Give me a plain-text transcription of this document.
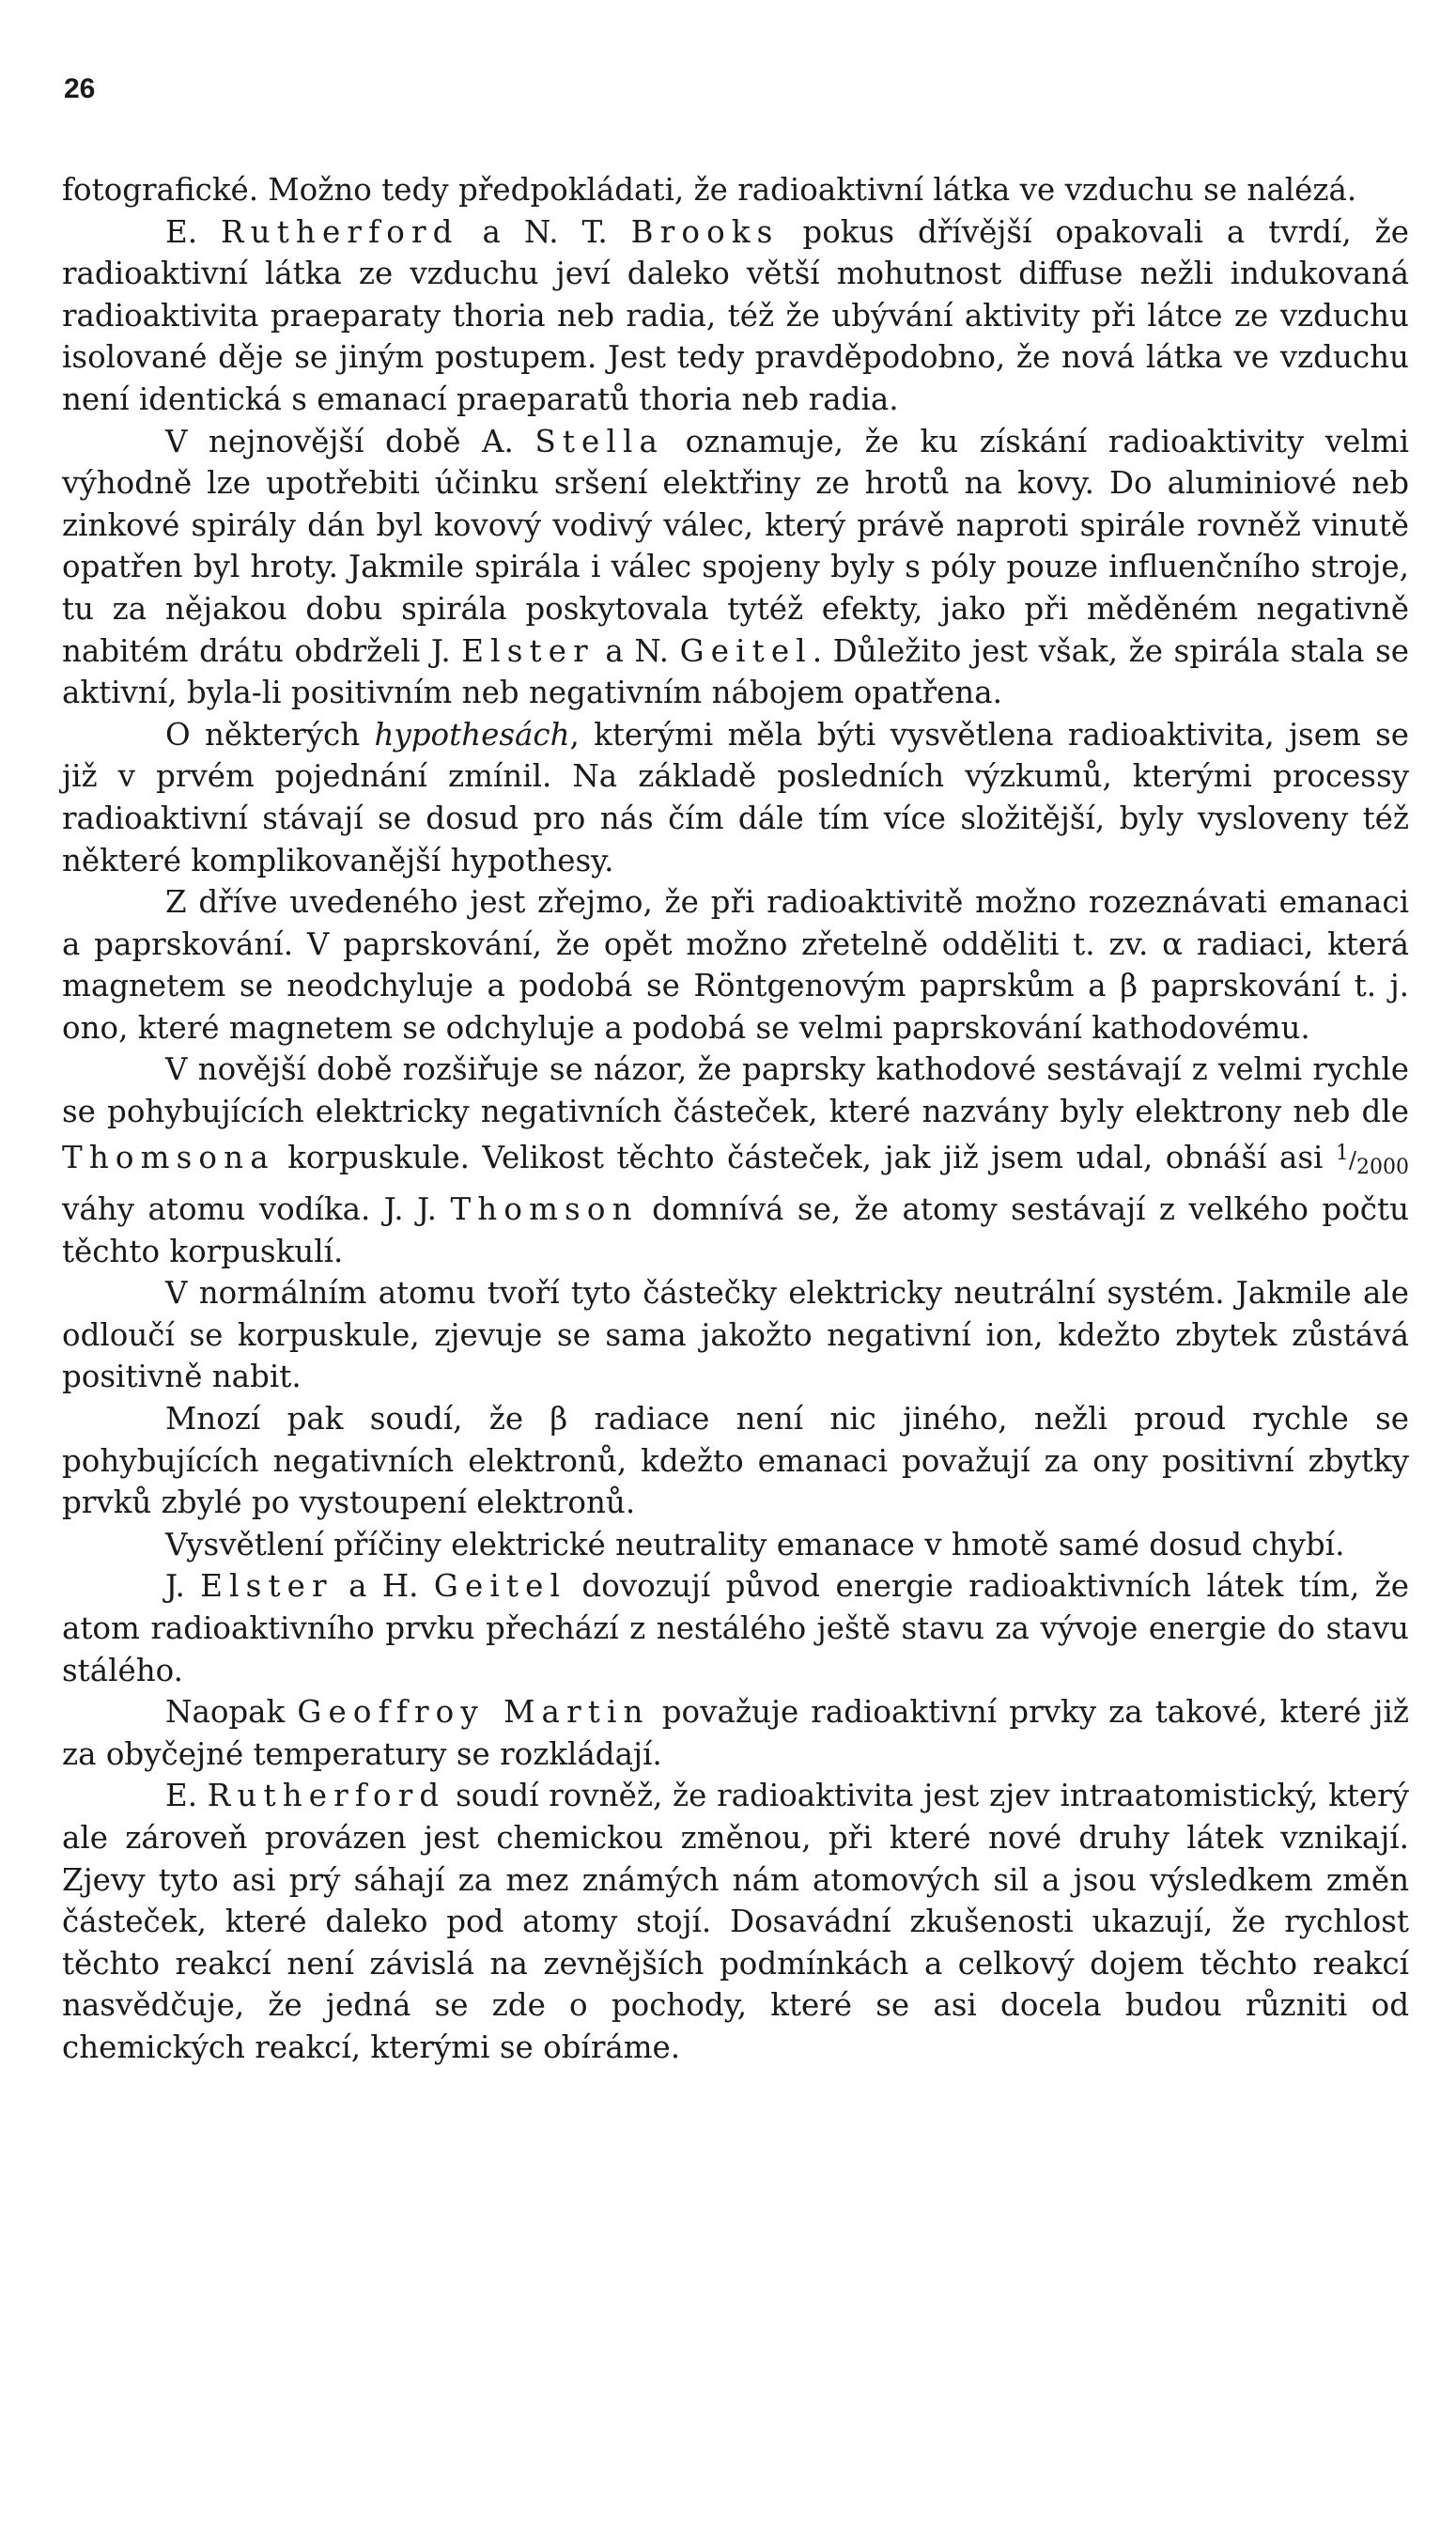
26

fotografické. Možno tedy předpokládati, že radioaktivní látka ve vzduchu se nalézá.

E. Rutherford a N. T. Brooks pokus dřívější opakovali a tvrdí, že radioaktivní látka ze vzduchu jeví daleko větší mohutnost diffuse nežli indukovaná radioaktivita praeparaty thoria neb radia, též že ubývání aktivity při látce ze vzduchu isolované děje se jiným postupem. Jest tedy pravděpodobno, že nová látka ve vzduchu není identická s emanací praeparatů thoria neb radia.

V nejnovější době A. Stella oznamuje, že ku získání radioaktivity velmi výhodně lze upotřebiti účinku sršení elektřiny ze hrotů na kovy. Do aluminiové neb zinkové spirály dán byl kovový vodivý válec, který právě naproti spirále rovněž vinutě opatřen byl hroty. Jakmile spirála i válec spojeny byly s póly pouze influenčního stroje, tu za nějakou dobu spirála poskytovala tytéž efekty, jako při měděném negativně nabitém drátu obdrželi J. Elster a N. Geitel. Důležito jest však, že spirála stala se aktivní, byla-li positivním neb negativním nábojem opatřena.

O některých hypothesách, kterými měla býti vysvětlena radioaktivita, jsem se již v prvém pojednání zmínil. Na základě posledních výzkumů, kterými processy radioaktivní stávají se dosud pro nás čím dále tím více složitější, byly vysloveny též některé komplikovanější hypothesy.

Z dříve uvedeného jest zřejmo, že při radioaktivitě možno rozeznávati emanaci a paprskování. V paprskování, že opět možno zřetelně odděliti t. zv. α radiaci, která magnetem se neodchyluje a podobá se Röntgenovým paprskům a β paprskování t. j. ono, které magnetem se odchyluje a podobá se velmi paprskování kathodovému.

V novější době rozšiřuje se názor, že paprsky kathodové sestávají z velmi rychle se pohybujících elektricky negativních částeček, které nazvány byly elektrony neb dle Thomsona korpuskule. Velikost těchto částeček, jak již jsem udal, obnáší asi $^1/_{2000}$ váhy atomu vodíka. J. J. Thomson domnívá se, že atomy sestávají z velkého počtu těchto korpuskulí.

V normálním atomu tvoří tyto částečky elektricky neutrální systém. Jakmile ale odloučí se korpuskule, zjevuje se sama jakožto negativní ion, kdežto zbytek zůstává positivně nabit.

Mnozí pak soudí, že β radiace není nic jiného, nežli proud rychle se pohybujících negativních elektronů, kdežto emanaci považují za ony positivní zbytky prvků zbylé po vystoupení elektronů.

Vysvětlení příčiny elektrické neutrality emanace v hmotě samé dosud chybí.

J. Elster a H. Geitel dovozují původ energie radioaktivních látek tím, že atom radioaktivního prvku přechází z nestálého ještě stavu za vývoje energie do stavu stálého.

Naopak Geoffroy Martin považuje radioaktivní prvky za takové, které již za obyčejné temperatury se rozkládají.

E. Rutherford soudí rovněž, že radioaktivita jest zjev intraatomistický, který ale zároveň provázen jest chemickou změnou, při které nové druhy látek vznikají. Zjevy tyto asi prý sáhají za mez známých nám atomových sil a jsou výsledkem změn částeček, které daleko pod atomy stojí. Dosavádní zkušenosti ukazují, že rychlost těchto reakcí není závislá na zevnějších podmínkách a celkový dojem těchto reakcí nasvědčuje, že jedná se zde o pochody, které se asi docela budou různiti od chemických reakcí, kterými se obíráme.
